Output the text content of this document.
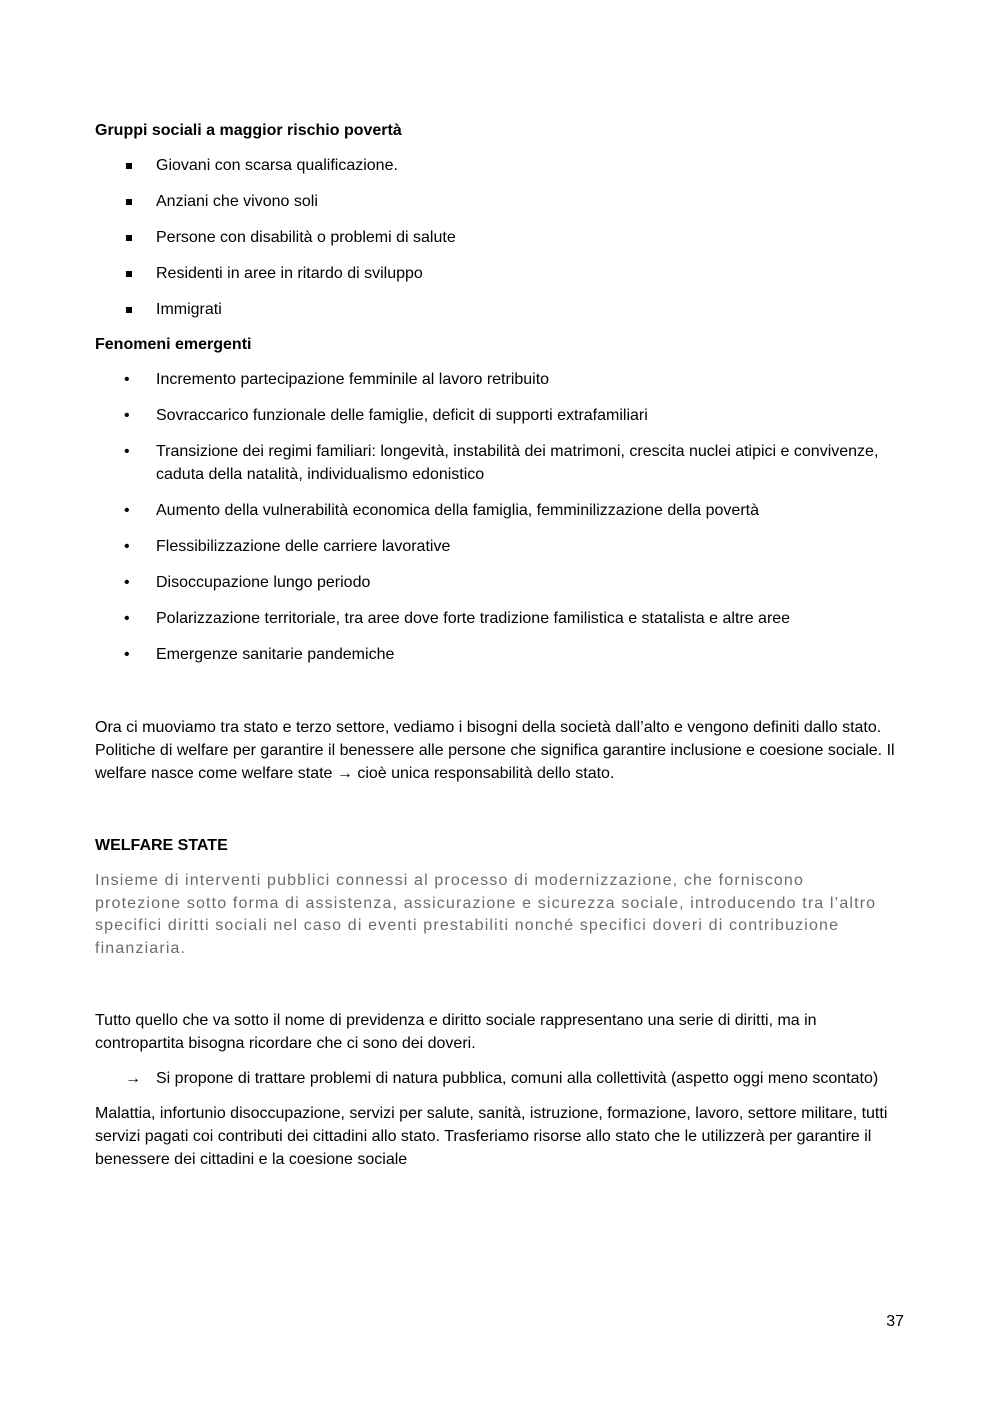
Gruppi sociali a maggior rischio povertà

Giovani con scarsa qualificazione.
Anziani che vivono soli
Persone con disabilità o problemi di salute
Residenti in aree in ritardo di sviluppo
Immigrati

Fenomeni emergenti

•	Incremento partecipazione femminile al lavoro retribuito
•	Sovraccarico funzionale delle famiglie, deficit di supporti extrafamiliari
•	Transizione dei regimi familiari: longevità, instabilità dei matrimoni, crescita nuclei atipici e convivenze, caduta della natalità, individualismo edonistico
•	Aumento della vulnerabilità economica della famiglia, femminilizzazione della povertà
•	Flessibilizzazione delle carriere lavorative
•	Disoccupazione lungo periodo
•	Polarizzazione territoriale, tra aree dove forte tradizione familistica e statalista e altre aree
•	Emergenze sanitarie pandemiche

Ora ci muoviamo tra stato e terzo settore, vediamo i bisogni della società dall’alto e vengono definiti dallo stato. Politiche di welfare per garantire il benessere alle persone che significa garantire inclusione e coesione sociale. Il welfare nasce come welfare state → cioè unica responsabilità dello stato.

WELFARE STATE

Insieme di interventi pubblici connessi al processo di modernizzazione, che forniscono protezione sotto forma di assistenza, assicurazione e sicurezza sociale, introducendo tra l’altro specifici diritti sociali nel caso di eventi prestabiliti nonché specifici doveri di contribuzione finanziaria.

Tutto quello che va sotto il nome di previdenza e diritto sociale rappresentano una serie di diritti, ma in contropartita bisogna ricordare che ci sono dei doveri.

→ Si propone di trattare problemi di natura pubblica, comuni alla collettività (aspetto oggi meno scontato)

Malattia, infortunio disoccupazione, servizi per salute, sanità, istruzione, formazione, lavoro, settore militare, tutti servizi pagati coi contributi dei cittadini allo stato. Trasferiamo risorse allo stato che le utilizzerà per garantire il benessere dei cittadini e la coesione sociale

37
